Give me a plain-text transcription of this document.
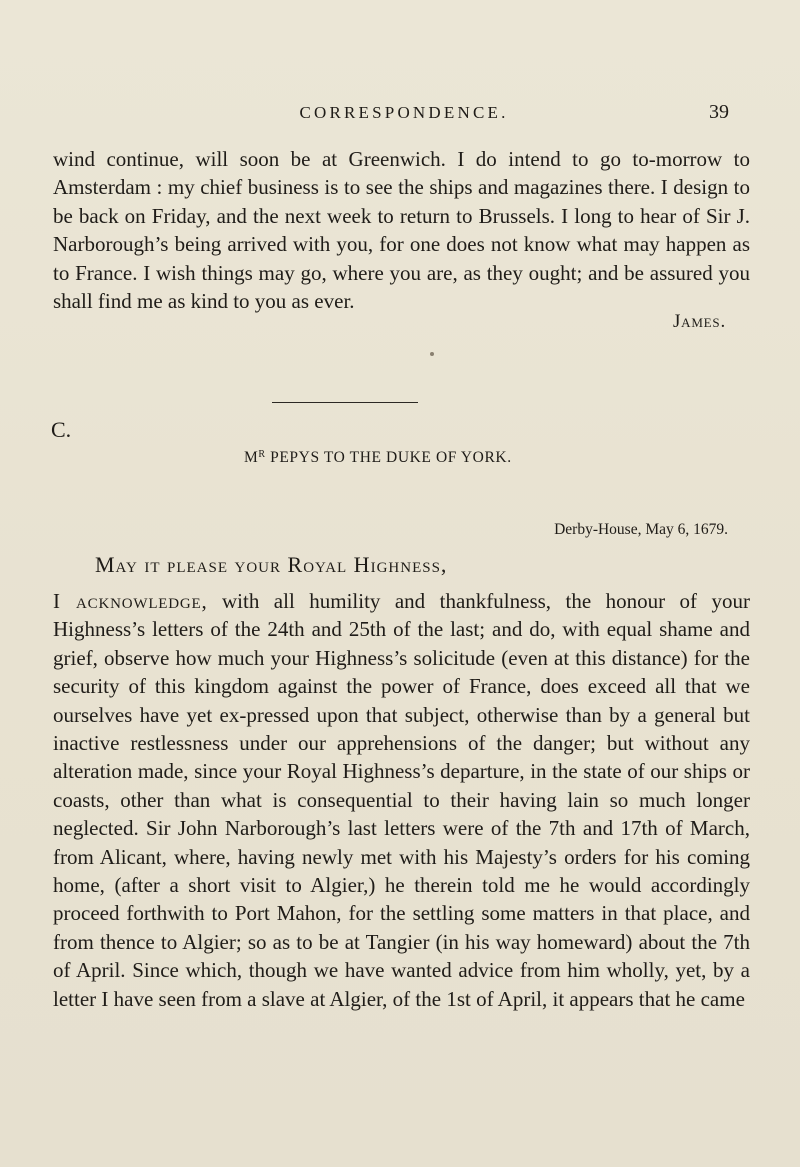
CORRESPONDENCE.	39

wind continue, will soon be at Greenwich. I do intend to go to-morrow to Amsterdam : my chief business is to see the ships and magazines there. I design to be back on Friday, and the next week to return to Brussels. I long to hear of Sir J. Narborough’s being arrived with you, for one does not know what may happen as to France. I wish things may go, where you are, as they ought; and be assured you shall find me as kind to you as ever.

James.
C.
$M^R$ PEPYS TO THE DUKE OF YORK.
Derby-House, May 6, 1679.
May it please your Royal Highness,

I acknowledge, with all humility and thankfulness, the honour of your Highness’s letters of the 24th and 25th of the last; and do, with equal shame and grief, observe how much your Highness’s solicitude (even at this distance) for the security of this kingdom against the power of France, does exceed all that we ourselves have yet ex-pressed upon that subject, otherwise than by a general but inactive restlessness under our apprehensions of the danger; but without any alteration made, since your Royal Highness’s departure, in the state of our ships or coasts, other than what is consequential to their having lain so much longer neglected. Sir John Narborough’s last letters were of the 7th and 17th of March, from Alicant, where, having newly met with his Majesty’s orders for his coming home, (after a short visit to Algier,) he therein told me he would accordingly proceed forthwith to Port Mahon, for the settling some matters in that place, and from thence to Algier; so as to be at Tangier (in his way homeward) about the 7th of April. Since which, though we have wanted advice from him wholly, yet, by a letter I have seen from a slave at Algier, of the 1st of April, it appears that he came
